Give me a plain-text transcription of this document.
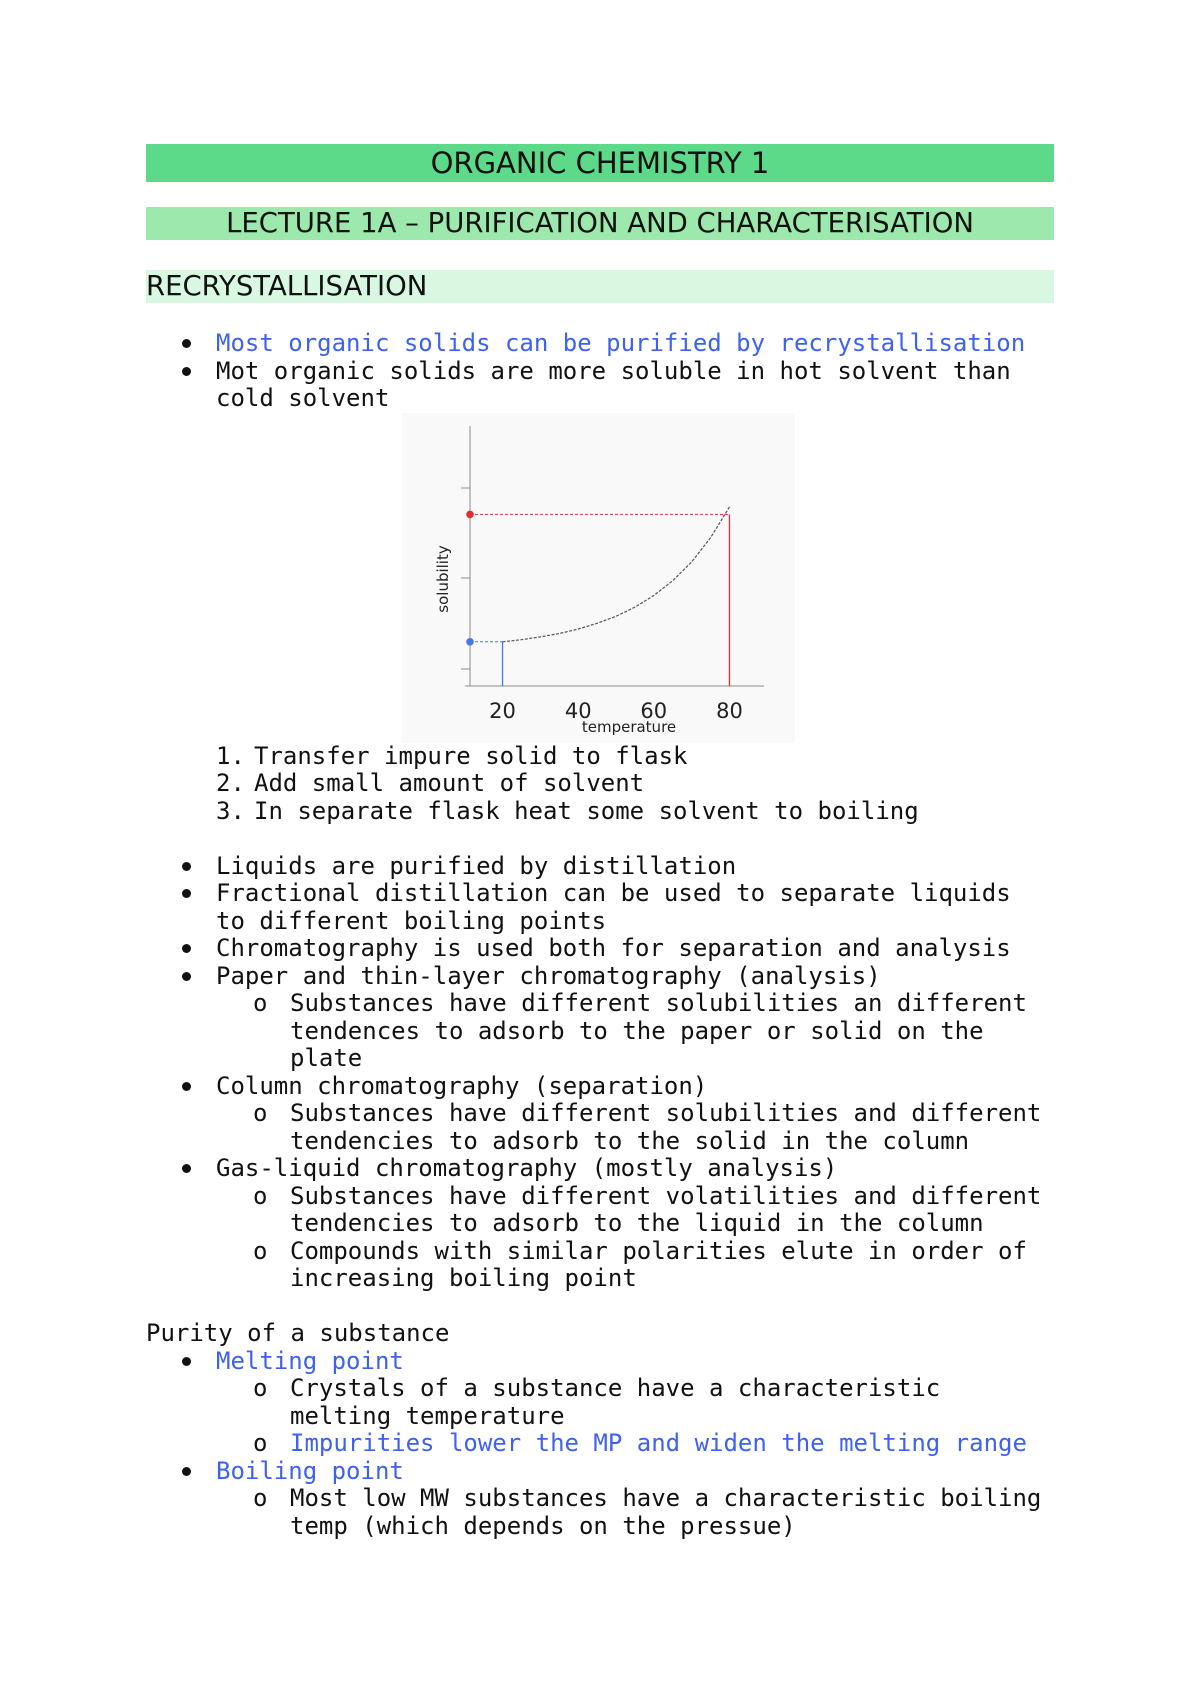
ORGANIC CHEMISTRY 1
LECTURE 1A – PURIFICATION AND CHARACTERISATION
RECRYSTALLISATION
Most organic solids can be purified by recrystallisation
Mot organic solids are more soluble in hot solvent than
cold solvent
20 40 60 80
temperature
solubility
1. Transfer impure solid to flask
2. Add small amount of solvent
3. In separate flask heat some solvent to boiling
Liquids are purified by distillation
Fractional distillation can be used to separate liquids
to different boiling points
Chromatography is used both for separation and analysis
Paper and thin-layer chromatography (analysis)
o Substances have different solubilities an different
tendences to adsorb to the paper or solid on the
plate
Column chromatography (separation)
o Substances have different solubilities and different
tendencies to adsorb to the solid in the column
Gas-liquid chromatography (mostly analysis)
o Substances have different volatilities and different
tendencies to adsorb to the liquid in the column
o Compounds with similar polarities elute in order of
increasing boiling point
Purity of a substance
Melting point
o Crystals of a substance have a characteristic
melting temperature
o Impurities lower the MP and widen the melting range
Boiling point
o Most low MW substances have a characteristic boiling
temp (which depends on the pressue)
